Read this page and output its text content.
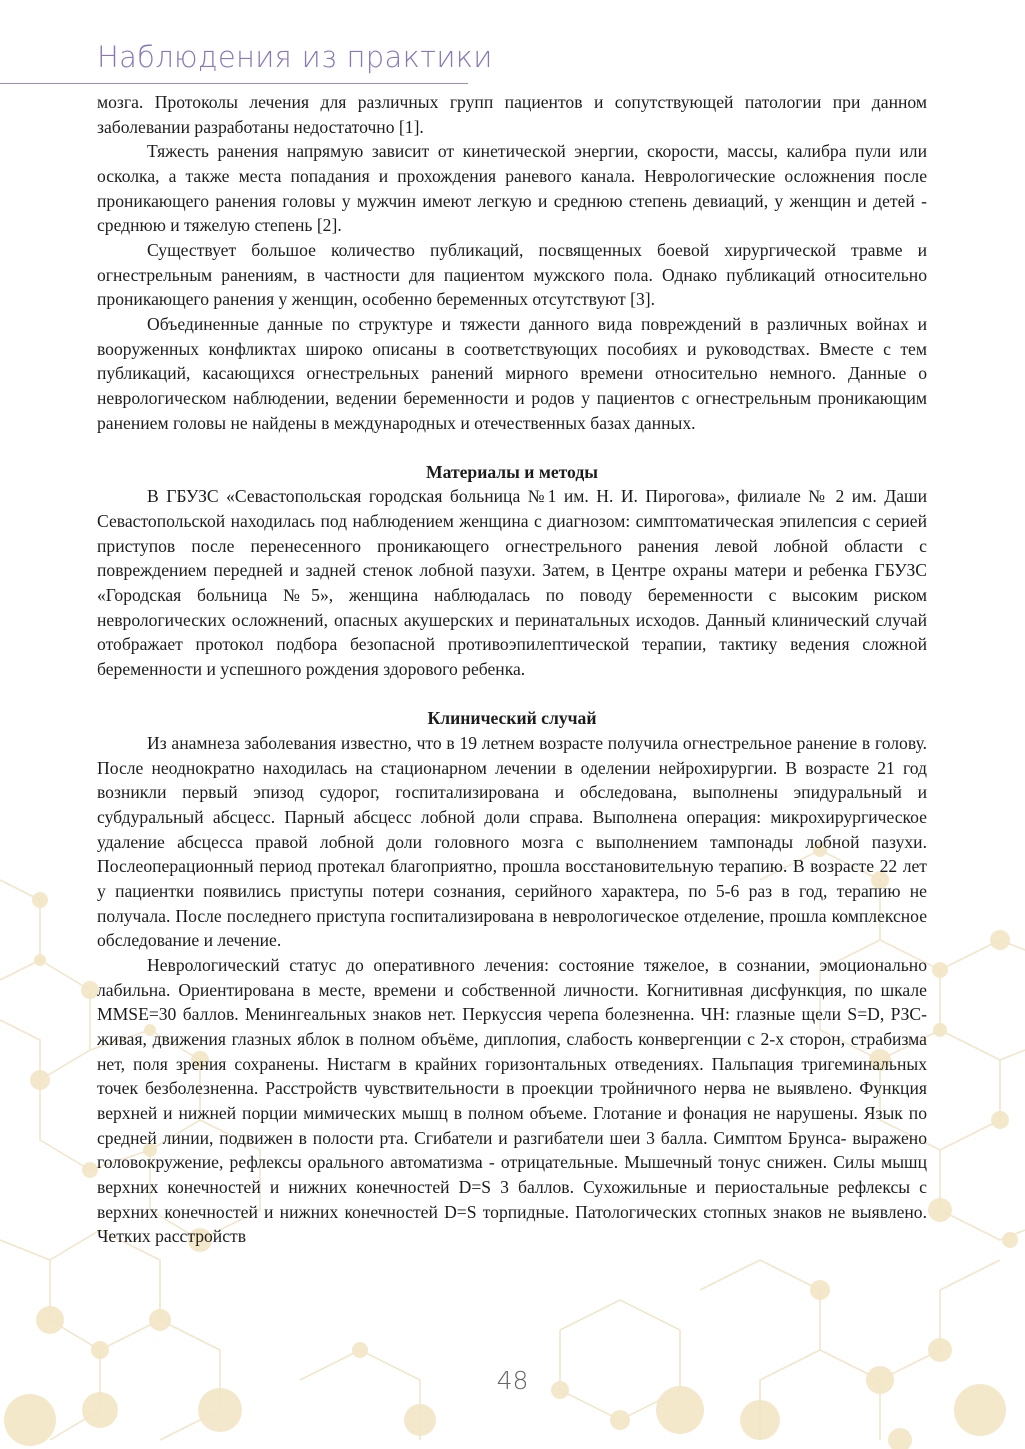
Наблюдения из практики

мозга. Протоколы лечения для различных групп пациентов и сопутствующей патологии при данном заболевании разработаны недостаточно [1].

Тяжесть ранения напрямую зависит от кинетической энергии, скорости, массы, калибра пули или осколка, а также места попадания и прохождения раневого канала. Неврологические осложнения после проникающего ранения головы у мужчин имеют легкую и среднюю степень девиаций, у женщин и детей - среднюю и тяжелую степень [2].

Существует большое количество публикаций, посвященных боевой хирургической травме и огнестрельным ранениям, в частности для пациентом мужского пола. Однако публикаций относительно проникающего ранения у женщин, особенно беременных отсутствуют [3].

Объединенные данные по структуре и тяжести данного вида повреждений в различных войнах и вооруженных конфликтах широко описаны в соответствующих пособиях и руководствах. Вместе с тем публикаций, касающихся огнестрельных ранений мирного времени относительно немного. Данные о неврологическом наблюдении, ведении беременности и родов у пациентов с огнестрельным проникающим ранением головы не найдены в международных и отечественных базах данных.

Материалы и методы

В ГБУЗС «Севастопольская городская больница №1 им. Н. И. Пирогова», филиале № 2 им. Даши Севастопольской находилась под наблюдением женщина с диагнозом: симптоматическая эпилепсия с серией приступов после перенесенного проникающего огнестрельного ранения левой лобной области с повреждением передней и задней стенок лобной пазухи. Затем, в Центре охраны матери и ребенка ГБУЗС «Городская больница №5», женщина наблюдалась по поводу беременности с высоким риском неврологических осложнений, опасных акушерских и перинатальных исходов. Данный клинический случай отображает протокол подбора безопасной противоэпилептической терапии, тактику ведения сложной беременности и успешного рождения здорового ребенка.

Клинический случай

Из анамнеза заболевания известно, что в 19 летнем возрасте получила огнестрельное ранение в голову. После неоднократно находилась на стационарном лечении в оделении нейрохирургии. В возрасте 21 год возникли первый эпизод судорог, госпитализирована и обследована, выполнены эпидуральный и субдуральный абсцесс. Парный абсцесс лобной доли справа. Выполнена операция: микрохирургическое удаление абсцесса правой лобной доли головного мозга с выполнением тампонады лобной пазухи. Послеоперационный период протекал благоприятно, прошла восстановительную терапию. В возрасте 22 лет у пациентки появились приступы потери сознания, серийного характера, по 5-6 раз в год, терапию не получала. После последнего приступа госпитализирована в неврологическое отделение, прошла комплексное обследование и лечение.

Неврологический статус до оперативного лечения: состояние тяжелое, в сознании, эмоционально лабильна. Ориентирована в месте, времени и собственной личности. Когнитивная дисфункция, по шкале MMSE=30 баллов. Менингеальных знаков нет. Перкуссия черепа болезненна. ЧН: глазные щели S=D, РЗС- живая, движения глазных яблок в полном объёме, диплопия, слабость конвергенции с 2-х сторон, страбизма нет, поля зрения сохранены. Нистагм в крайних горизонтальных отведениях. Пальпация тригеминальных точек безболезненна. Расстройств чувствительности в проекции тройничного нерва не выявлено. Функция верхней и нижней порции мимических мышц в полном объеме. Глотание и фонация не нарушены. Язык по средней линии, подвижен в полости рта. Сгибатели и разгибатели шеи 3 балла. Симптом Брунса- выражено головокружение, рефлексы орального автоматизма - отрицательные. Мышечный тонус снижен. Силы мышц верхних конечностей и нижних конечностей D=S 3 баллов. Сухожильные и периостальные рефлексы с верхних конечностей и нижних конечностей D=S торпидные. Патологических стопных знаков не выявлено. Четких расстройств

48
